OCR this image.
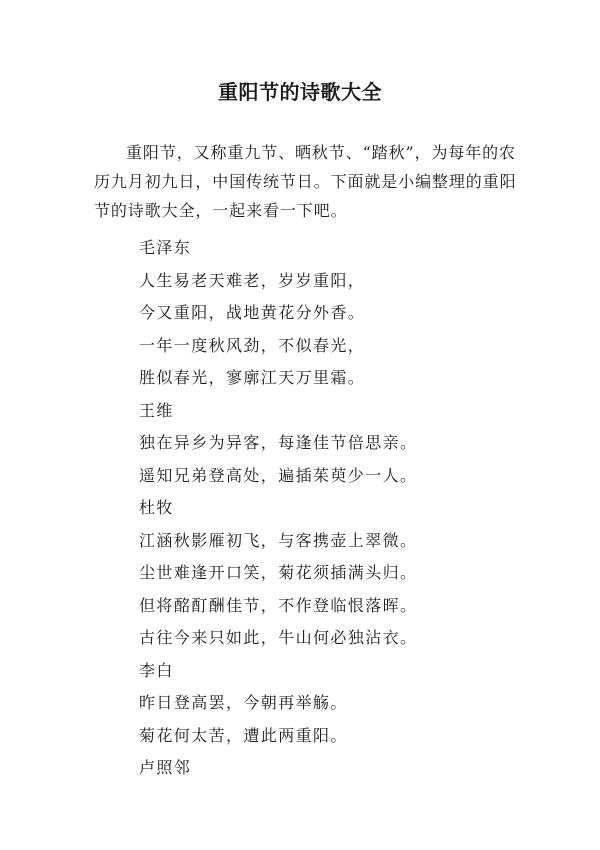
重阳节的诗歌大全

重阳节，又称重九节、晒秋节、“踏秋”，为每年的农历九月初九日，中国传统节日。下面就是小编整理的重阳节的诗歌大全，一起来看一下吧。

毛泽东
人生易老天难老，岁岁重阳，
今又重阳，战地黄花分外香。
一年一度秋风劲，不似春光，
胜似春光，寥廓江天万里霜。
王维
独在异乡为异客，每逢佳节倍思亲。
遥知兄弟登高处，遍插茱萸少一人。
杜牧
江涵秋影雁初飞，与客携壶上翠微。
尘世难逢开口笑，菊花须插满头归。
但将酩酊酬佳节，不作登临恨落晖。
古往今来只如此，牛山何必独沾衣。
李白
昨日登高罢，今朝再举觞。
菊花何太苦，遭此两重阳。
卢照邻
